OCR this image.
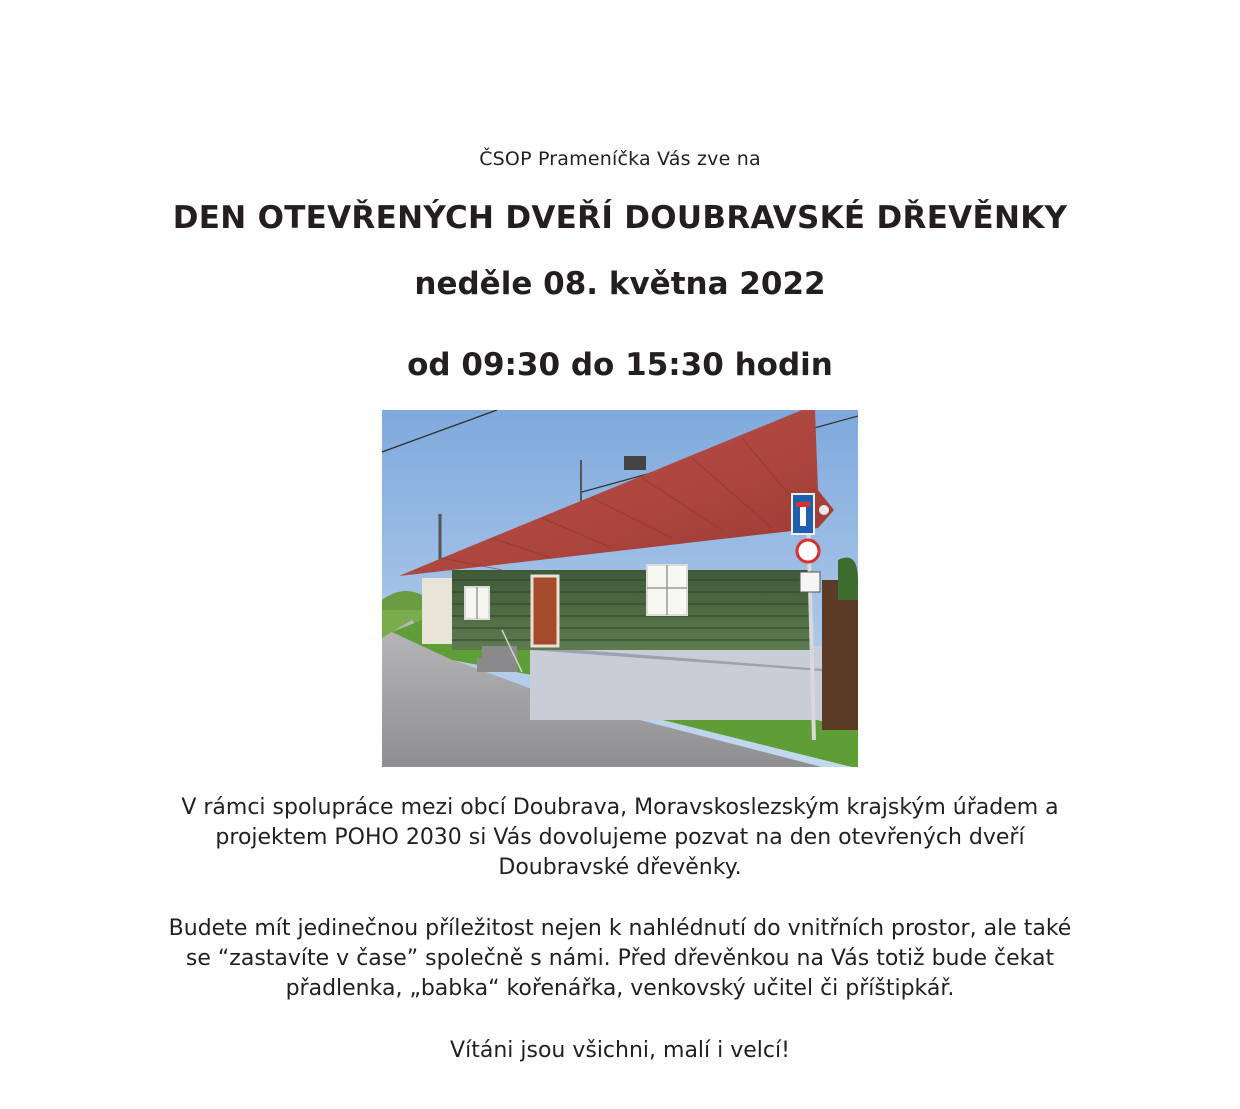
ČSOP Prameníčka Vás zve na
DEN OTEVŘENÝCH DVEŘÍ DOUBRAVSKÉ DŘEVĚNKY
neděle 08. května 2022
od 09:30 do 15:30 hodin
V rámci spolupráce mezi obcí Doubrava, Moravskoslezským krajským úřadem a
projektem POHO 2030 si Vás dovolujeme pozvat na den otevřených dveří
Doubravské dřevěnky.
Budete mít jedinečnou příležitost nejen k nahlédnutí do vnitřních prostor, ale také
se “zastavíte v čase” společně s námi. Před dřevěnkou na Vás totiž bude čekat
přadlenka, „babka“ kořenářka, venkovský učitel či příštipkář.
Vítáni jsou všichni, malí i velcí!
